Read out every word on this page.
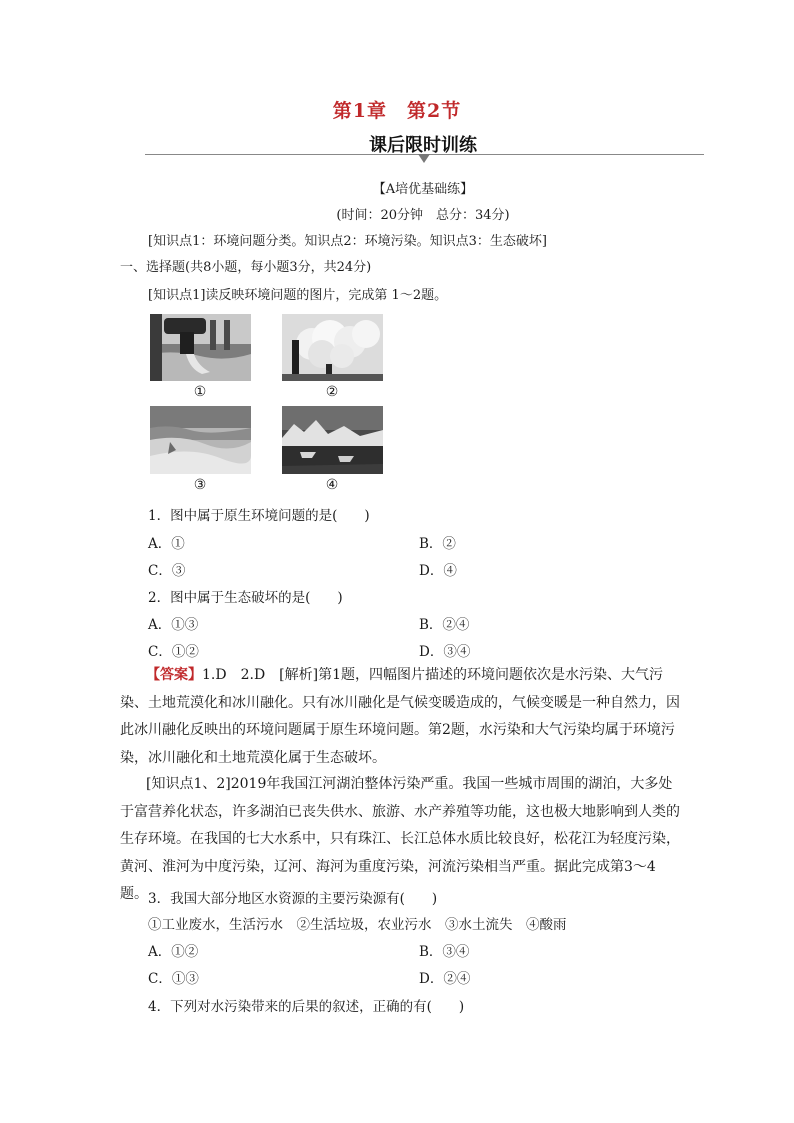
第1章　第2节
课后限时训练
【A培优基础练】
(时间：20分钟　总分：34分)
[知识点1：环境问题分类。知识点2：环境污染。知识点3：生态破坏]
一、选择题(共8小题，每小题3分，共24分)
[知识点1]读反映环境问题的图片，完成第 1～2题。
①	②
③	④
1．图中属于原生环境问题的是(　　)
A．①	B．②
C．③	D．④
2．图中属于生态破坏的是(　　)
A．①③	B．②④
C．①②	D．③④
【答案】1.D　2.D　[解析]第1题，四幅图片描述的环境问题依次是水污染、大气污染、土地荒漠化和冰川融化。只有冰川融化是气候变暖造成的，气候变暖是一种自然力，因此冰川融化反映出的环境问题属于原生环境问题。第2题，水污染和大气污染均属于环境污染，冰川融化和土地荒漠化属于生态破坏。
[知识点1、2]2019年我国江河湖泊整体污染严重。我国一些城市周围的湖泊，大多处于富营养化状态，许多湖泊已丧失供水、旅游、水产养殖等功能，这也极大地影响到人类的生存环境。在我国的七大水系中，只有珠江、长江总体水质比较良好，松花江为轻度污染，黄河、淮河为中度污染，辽河、海河为重度污染，河流污染相当严重。据此完成第3～4题。 3．我国大部分地区水资源的主要污染源有(　　)
①工业废水，生活污水　②生活垃圾，农业污水　③水土流失　④酸雨
A．①②	B．③④
C．①③	D．②④
4．下列对水污染带来的后果的叙述，正确的有(　　)
